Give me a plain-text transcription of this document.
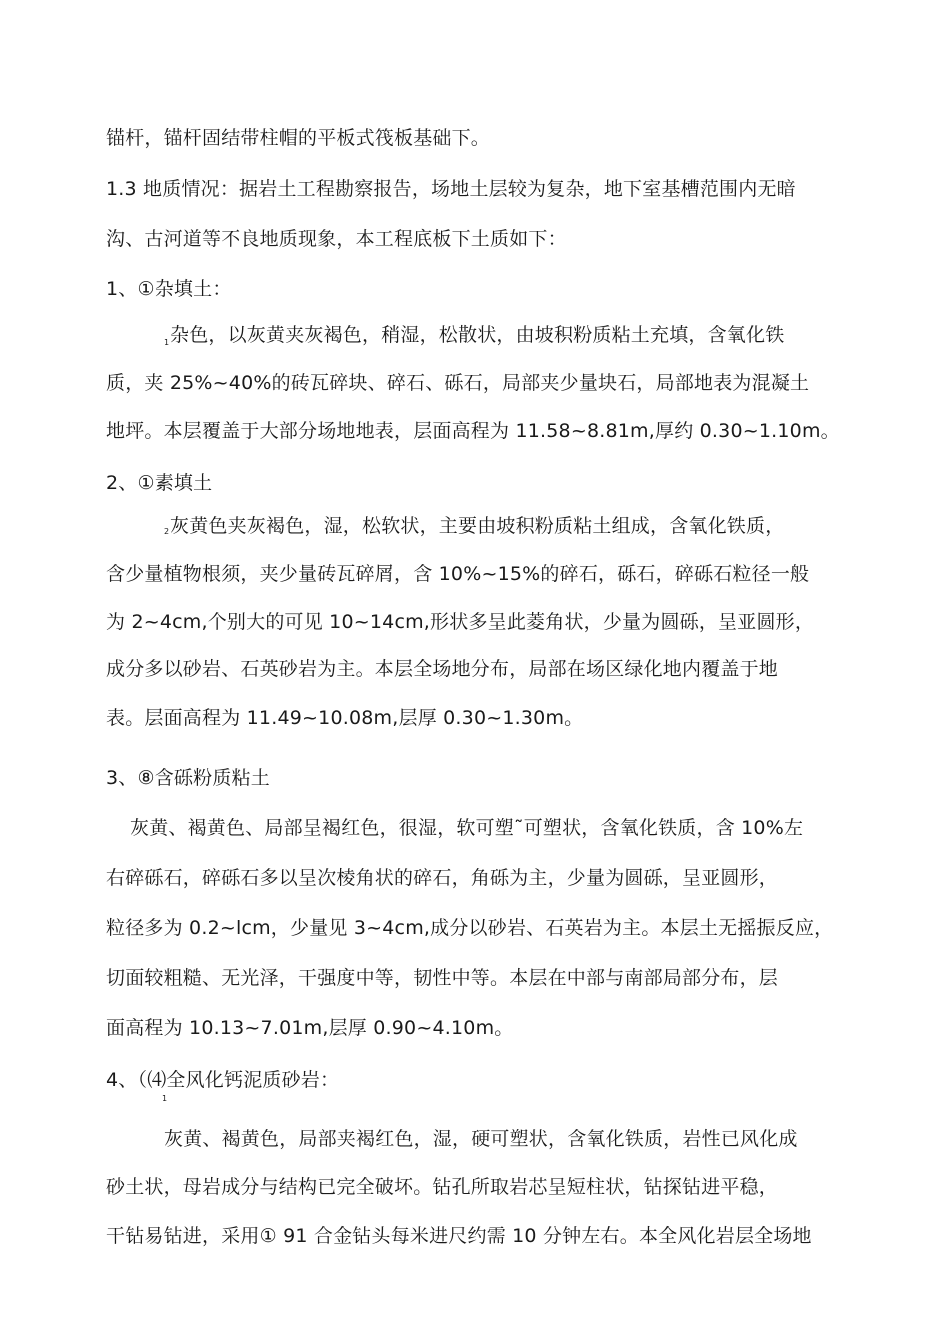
锚杆，锚杆固结带柱帽的平板式筏板基础下。
1.3 地质情况：据岩土工程勘察报告，场地土层较为复杂，地下室基槽范围内无暗
沟、古河道等不良地质现象，本工程底板下土质如下：
1、①杂填土：
1 杂色，以灰黄夹灰褐色，稍湿，松散状，由坡积粉质粘土充填，含氧化铁
质，夹 25%~40%的砖瓦碎块、碎石、砾石，局部夹少量块石，局部地表为混凝土
地坪。本层覆盖于大部分场地地表，层面高程为 11.58~8.81m,厚约 0.30~1.10m。
2、①素填土
2 灰黄色夹灰褐色，湿，松软状，主要由坡积粉质粘土组成，含氧化铁质，
含少量植物根须，夹少量砖瓦碎屑，含 10%~15%的碎石，砾石，碎砾石粒径一般
为 2~4cm,个别大的可见 10~14cm,形状多呈此菱角状，少量为圆砾，呈亚圆形，
成分多以砂岩、石英砂岩为主。本层全场地分布，局部在场区绿化地内覆盖于地
表。层面高程为 11.49~10.08m,层厚 0.30~1.30m。
3、⑧含砾粉质粘土
灰黄、褐黄色、局部呈褐红色，很湿，软可塑˜可塑状，含氧化铁质，含 10%左
右碎砾石，碎砾石多以呈次棱角状的碎石，角砾为主，少量为圆砾，呈亚圆形，
粒径多为 0.2~lcm，少量见 3~4cm,成分以砂岩、石英岩为主。本层土无摇振反应，
切面较粗糙、无光泽，干强度中等，韧性中等。本层在中部与南部局部分布，层
面高程为 10.13~7.01m,层厚 0.90~4.10m。
4、（⑷全风化钙泥质砂岩：
1
灰黄、褐黄色，局部夹褐红色，湿，硬可塑状，含氧化铁质，岩性已风化成
砂土状，母岩成分与结构已完全破坏。钻孔所取岩芯呈短柱状，钻探钻进平稳，
干钻易钻进，采用① 91 合金钻头每米进尺约需 10 分钟左右。本全风化岩层全场地
